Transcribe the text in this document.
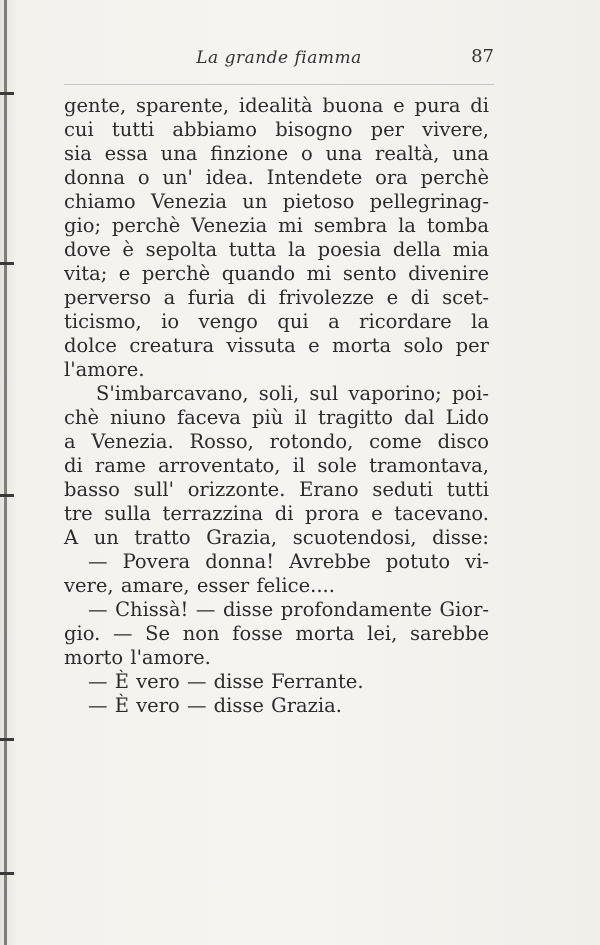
La grande fiamma	87
gente, sparente, idealità buona e pura di
cui tutti abbiamo bisogno per vivere,
sia essa una finzione o una realtà, una
donna o un' idea. Intendete ora perchè
chiamo Venezia un pietoso pellegrinag-
gio; perchè Venezia mi sembra la tomba
dove è sepolta tutta la poesia della mia
vita; e perchè quando mi sento divenire
perverso a furia di frivolezze e di scet-
ticismo, io vengo qui a ricordare la
dolce creatura vissuta e morta solo per
l'amore.
S'imbarcavano, soli, sul vaporino; poi-
chè niuno faceva più il tragitto dal Lido
a Venezia. Rosso, rotondo, come disco
di rame arroventato, il sole tramontava,
basso sull' orizzonte. Erano seduti tutti
tre sulla terrazzina di prora e tacevano.
A un tratto Grazia, scuotendosi, disse:
— Povera donna! Avrebbe potuto vi-
vere, amare, esser felice....
— Chissà! — disse profondamente Gior-
gio. — Se non fosse morta lei, sarebbe
morto l'amore.
— È vero — disse Ferrante.
— È vero — disse Grazia.
